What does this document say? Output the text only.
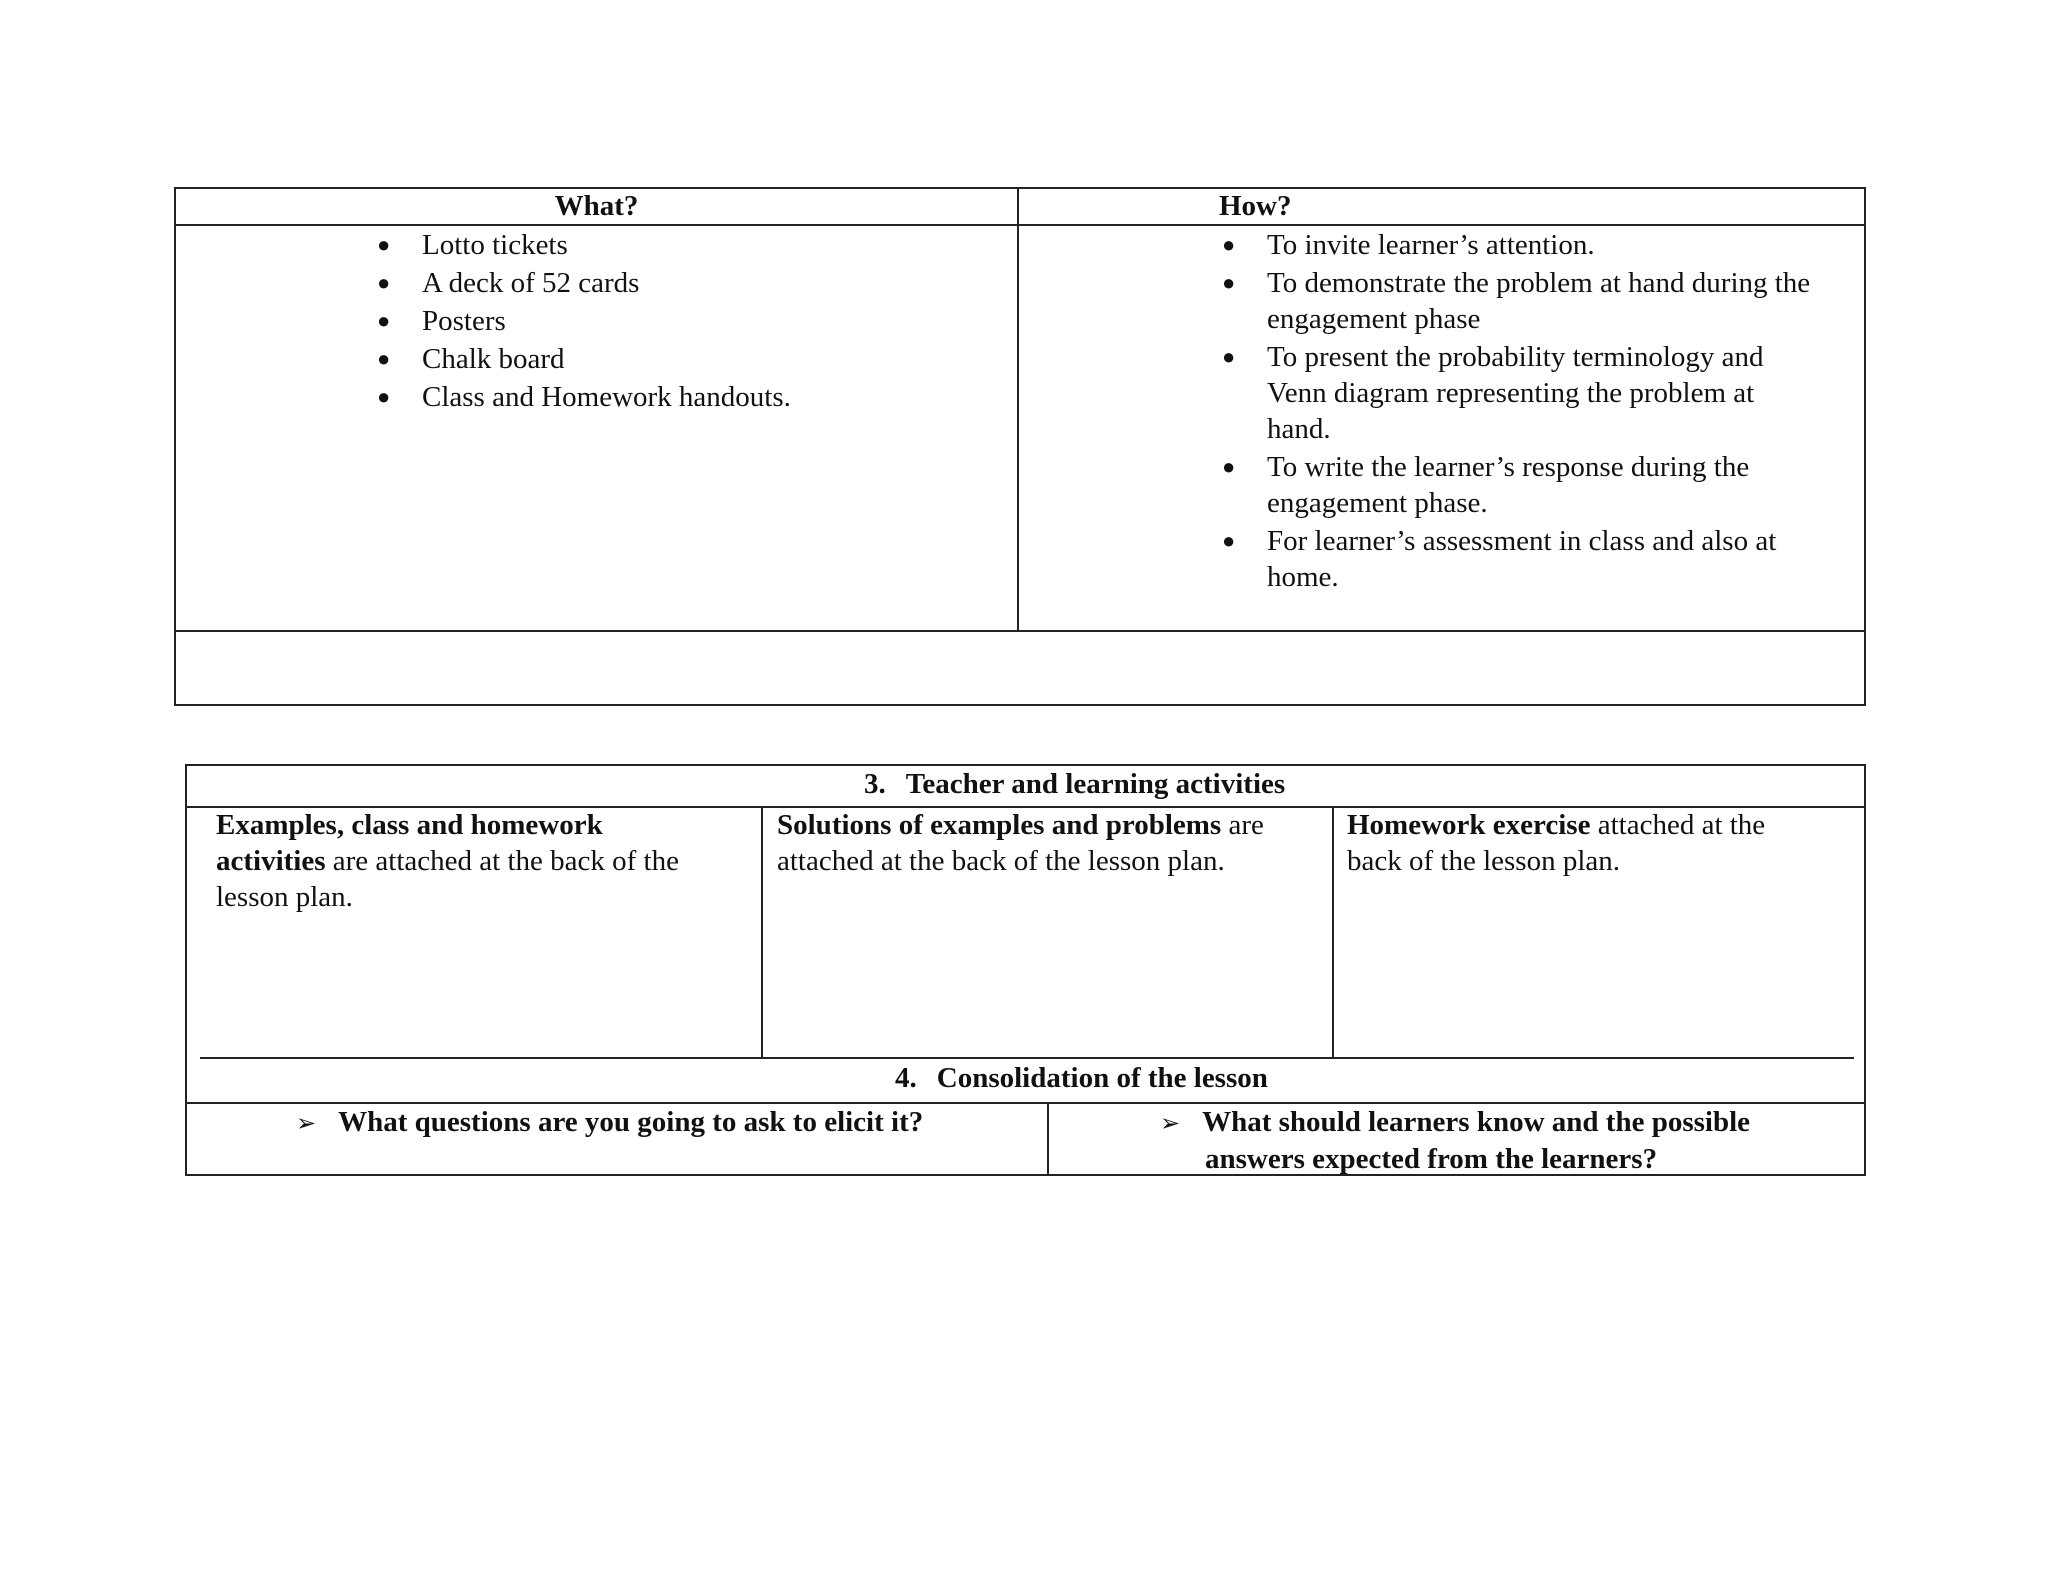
What?	How?
● Lotto tickets
● A deck of 52 cards
● Posters
● Chalk board
● Class and Homework handouts.
● To invite learner’s attention.
● To demonstrate the problem at hand during the
engagement phase
● To present the probability terminology and
Venn diagram representing the problem at
hand.
● To write the learner’s response during the
engagement phase.
● For learner’s assessment in class and also at
home.
3. Teacher and learning activities
Examples, class and homework
activities are attached at the back of the
lesson plan.
Solutions of examples and problems are
attached at the back of the lesson plan.
Homework exercise attached at the
back of the lesson plan.
4. Consolidation of the lesson
➢ What questions are you going to ask to elicit it?	➢ What should learners know and the possible
answers expected from the learners?
